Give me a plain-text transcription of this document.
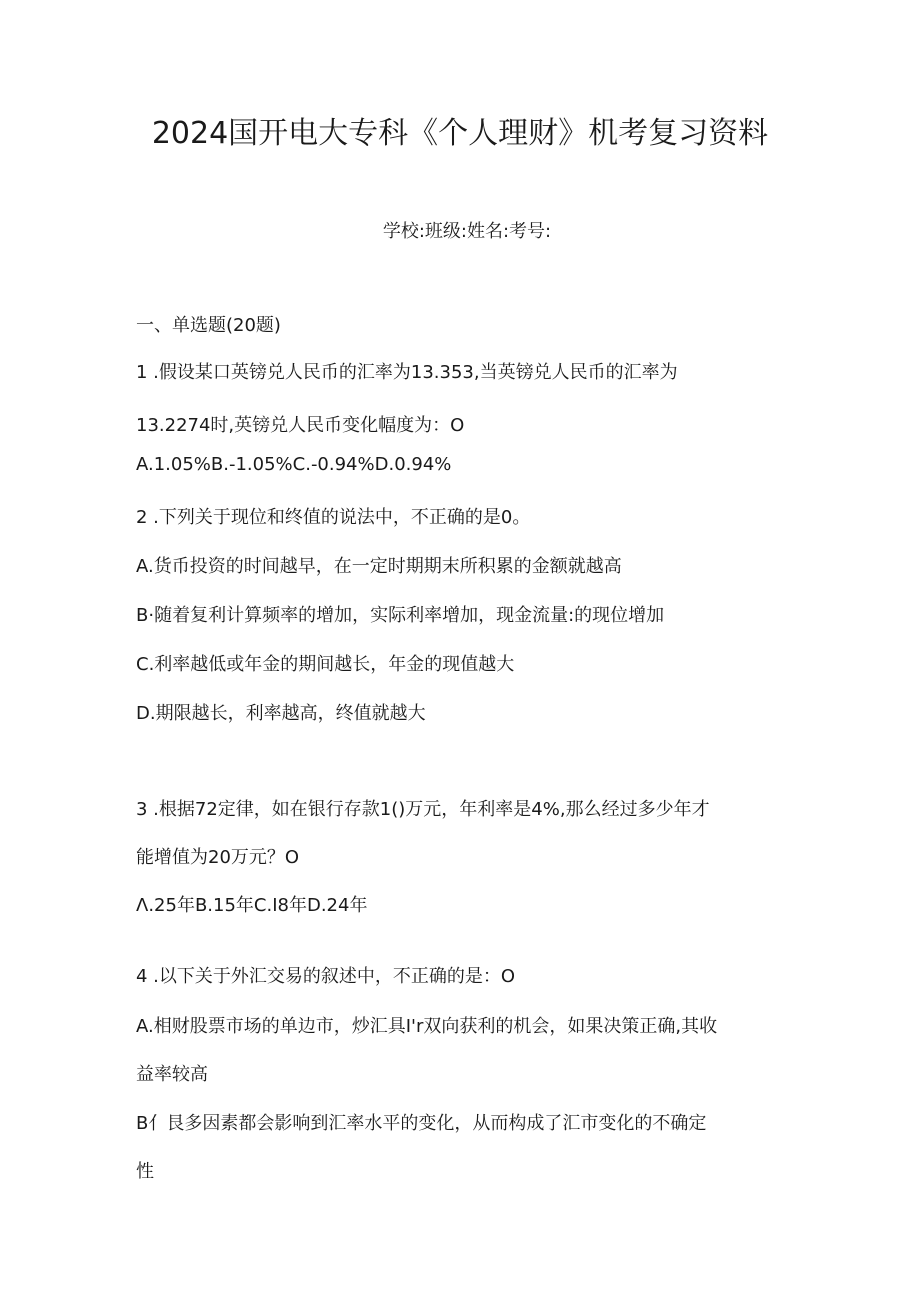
2024国开电大专科《个人理财》机考复习资料
学校:班级:姓名:考号:

一、单选题(20题)

1 .假设某口英镑兑人民币的汇率为13.353,当英镑兑人民币的汇率为

13.2274时,英镑兑人民币变化幅度为：O

A.1.05%B.-1.05%C.-0.94%D.0.94%

2 .下列关于现位和终值的说法中，不正确的是0。

A.货币投资的时间越早，在一定时期期末所积累的金额就越高

B·随着复利计算频率的增加，实际利率增加，现金流量:的现位增加

C.利率越低或年金的期间越长，年金的现值越大

D.期限越长，利率越高，终值就越大

3 .根据72定律，如在银行存款1()万元，年利率是4%,那么经过多少年才

能增值为20万元？O

Λ.25年B.15年C.I8年D.24年

4 .以下关于外汇交易的叙述中，不正确的是：O

A.相财股票市场的单边市，炒汇具I'r双向获利的机会，如果决策正确,其收

益率较高

B亻艮多因素都会影响到汇率水平的变化，从而构成了汇市变化的不确定

性
